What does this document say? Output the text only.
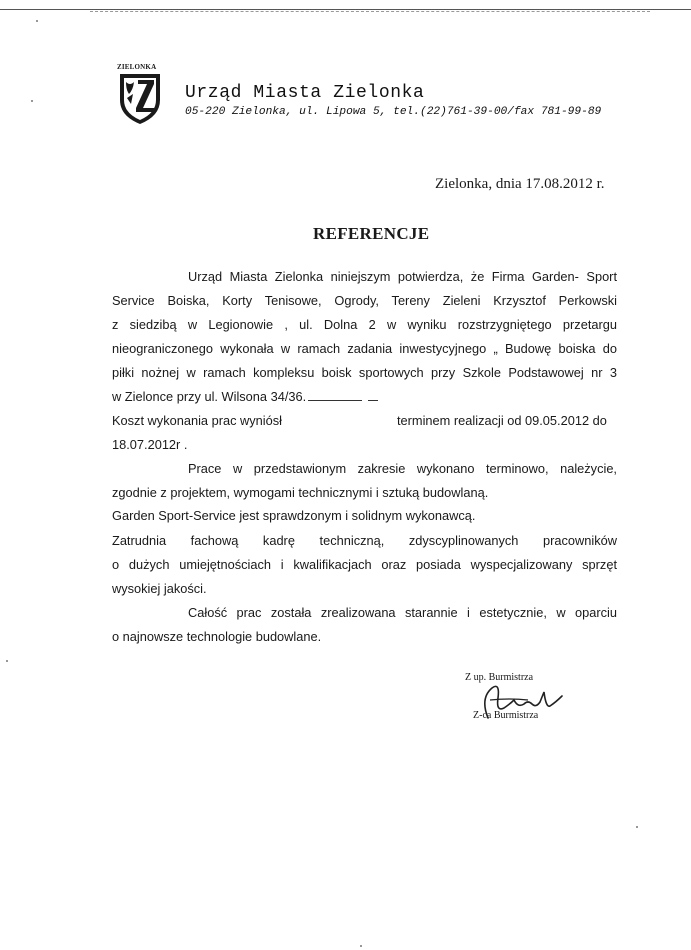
ZIELONKA
Urząd Miasta Zielonka
05-220 Zielonka, ul. Lipowa 5, tel.(22)761-39-00/fax 781-99-89
Zielonka, dnia 17.08.2012 r.
REFERENCJE
Urząd Miasta Zielonka niniejszym potwierdza, że Firma Garden- Sport
Service Boiska, Korty Tenisowe, Ogrody, Tereny Zieleni Krzysztof Perkowski
z siedzibą w Legionowie , ul. Dolna 2 w wyniku rozstrzygniętego przetargu
nieograniczonego wykonała w ramach zadania inwestycyjnego „ Budowę boiska do
piłki nożnej w ramach kompleksu boisk sportowych przy Szkole Podstawowej nr 3
w Zielonce przy ul. Wilsona 34/36.
Koszt wykonania prac wyniósł	terminem realizacji od 09.05.2012 do
18.07.2012r .
Prace w przedstawionym zakresie wykonano terminowo, należycie,
zgodnie z projektem, wymogami technicznymi i sztuką budowlaną.
Garden Sport-Service jest sprawdzonym i solidnym wykonawcą.
Zatrudnia fachową kadrę techniczną, zdyscyplinowanych pracowników
o dużych umiejętnościach i kwalifikacjach oraz posiada wyspecjalizowany sprzęt
wysokiej jakości.
Całość prac została zrealizowana starannie i estetycznie, w oparciu
o najnowsze technologie budowlane.
Z up. Burmistrza
Z-ca Burmistrza
